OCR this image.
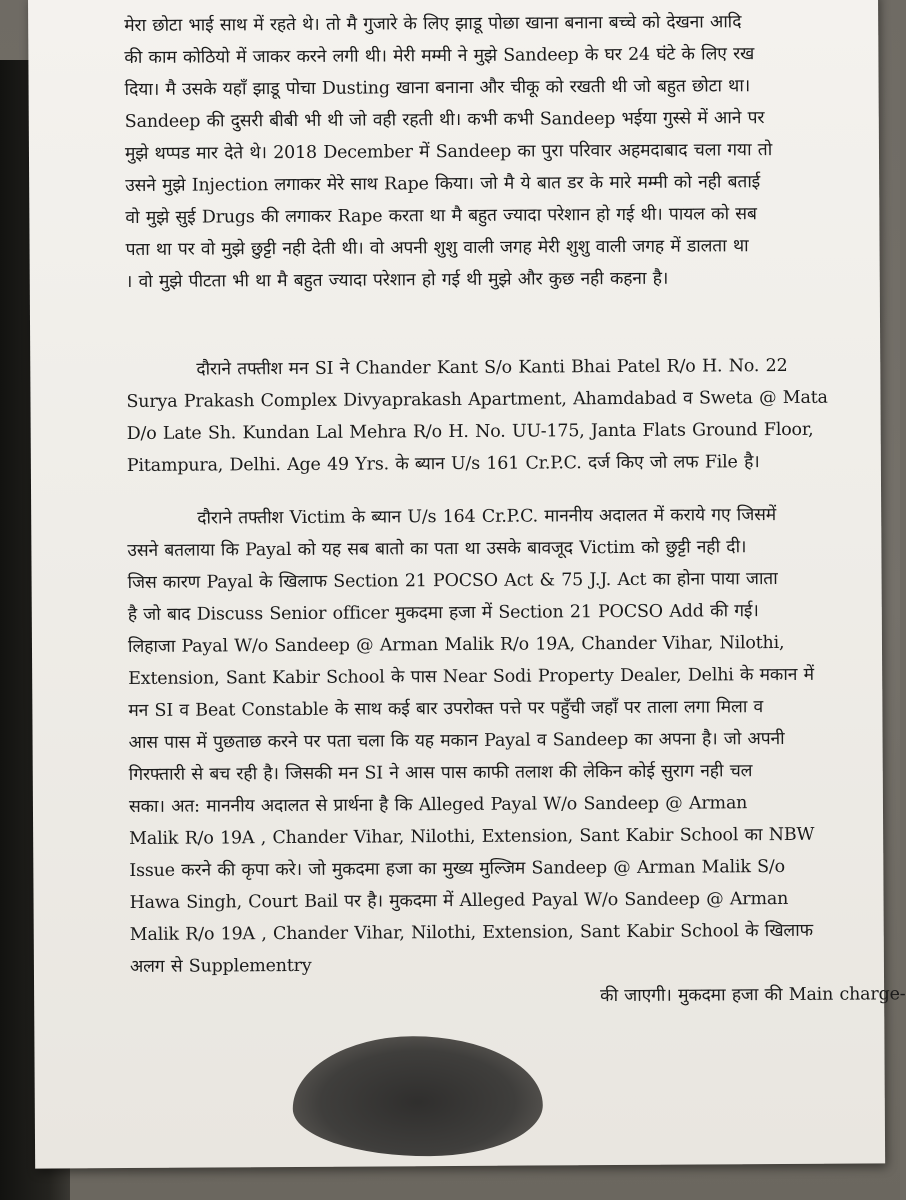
मेरा छोटा भाई साथ में रहते थे। तो मै गुजारे के लिए झाडू पोछा खाना बनाना बच्चे को देखना आदि
की काम कोठियो में जाकर करने लगी थी। मेरी मम्मी ने मुझे Sandeep के घर 24 घंटे के लिए रख
दिया। मै उसके यहाँ झाडू पोचा Dusting खाना बनाना और चीकू को रखती थी जो बहुत छोटा था।
Sandeep की दुसरी बीबी भी थी जो वही रहती थी। कभी कभी Sandeep भईया गुस्से में आने पर
मुझे थप्पड मार देते थे। 2018 December में Sandeep का पुरा परिवार अहमदाबाद चला गया तो
उसने मुझे Injection लगाकर मेरे साथ Rape किया। जो मै ये बात डर के मारे मम्मी को नही बताई
वो मुझे सुई Drugs की लगाकर Rape करता था मै बहुत ज्यादा परेशान हो गई थी। पायल को सब
पता था पर वो मुझे छुट्टी नही देती थी। वो अपनी शुशु वाली जगह मेरी शुशु वाली जगह में डालता था
। वो मुझे पीटता भी था मै बहुत ज्यादा परेशान हो गई थी मुझे और कुछ नही कहना है।
दौराने तफ्तीश मन SI ने Chander Kant S/o Kanti Bhai Patel R/o H. No. 22
Surya Prakash Complex Divyaprakash Apartment, Ahamdabad व Sweta @ Mata
D/o Late Sh. Kundan Lal Mehra R/o H. No. UU-175, Janta Flats Ground Floor,
Pitampura, Delhi. Age 49 Yrs. के ब्यान U/s 161 Cr.P.C. दर्ज किए जो लफ File है।
दौराने तफ्तीश Victim के ब्यान U/s 164 Cr.P.C. माननीय अदालत में कराये गए जिसमें
उसने बतलाया कि Payal को यह सब बातो का पता था उसके बावजूद Victim को छुट्टी नही दी।
जिस कारण Payal के खिलाफ Section 21 POCSO Act & 75 J.J. Act का होना पाया जाता
है जो बाद Discuss Senior officer मुकदमा हजा में Section 21 POCSO Add की गई।
लिहाजा Payal W/o Sandeep @ Arman Malik R/o 19A, Chander Vihar, Nilothi,
Extension, Sant Kabir School के पास Near Sodi Property Dealer, Delhi के मकान में
मन SI व Beat Constable के साथ कई बार उपरोक्त पत्ते पर पहुँची जहाँ पर ताला लगा मिला व
आस पास में पुछताछ करने पर पता चला कि यह मकान Payal व Sandeep का अपना है। जो अपनी
गिरफ्तारी से बच रही है। जिसकी मन SI ने आस पास काफी तलाश की लेकिन कोई सुराग नही चल
सका। अत: माननीय अदालत से प्रार्थना है कि Alleged Payal W/o Sandeep @ Arman
Malik R/o 19A , Chander Vihar, Nilothi, Extension, Sant Kabir School का NBW
Issue करने की कृपा करे। जो मुकदमा हजा का मुख्य मुल्जिम Sandeep @ Arman Malik S/o
Hawa Singh, Court Bail पर है। मुकदमा में Alleged Payal W/o Sandeep @ Arman
Malik R/o 19A , Chander Vihar, Nilothi, Extension, Sant Kabir School के खिलाफ
अलग से Supplementry
की जाएगी। मुकदमा हजा की Main charge-
